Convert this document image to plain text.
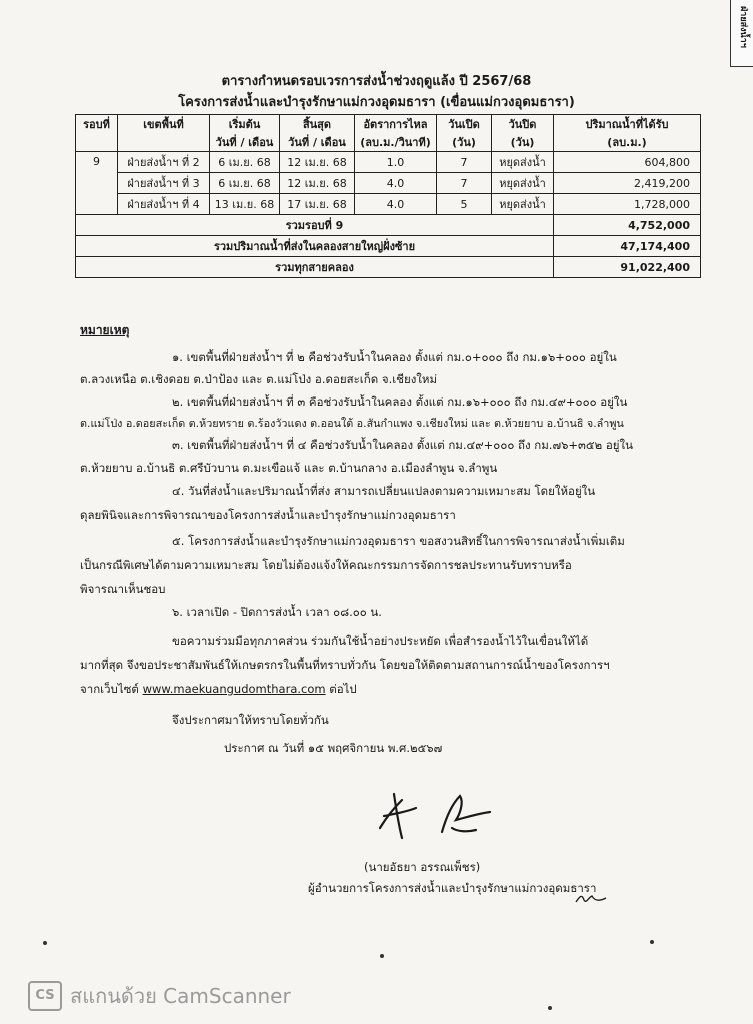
ฝ่ายส่งน้ำฯ
ตารางกำหนดรอบเวรการส่งน้ำช่วงฤดูแล้ง ปี 2567/68
โครงการส่งน้ำและบำรุงรักษาแม่กวงอุดมธารา (เขื่อนแม่กวงอุดมธารา)
รอบที่	เขตพื้นที่	เริ่มต้น	สิ้นสุด	อัตราการไหล	วันเปิด	วันปิด	ปริมาณน้ำที่ได้รับ
		วันที่ / เดือน	วันที่ / เดือน	(ลบ.ม./วินาที)	(วัน)	(วัน)	(ลบ.ม.)
9	ฝ่ายส่งน้ำฯ ที่ 2	6 เม.ย. 68	12 เม.ย. 68	1.0	7	หยุดส่งน้ำ	604,800
	ฝ่ายส่งน้ำฯ ที่ 3	6 เม.ย. 68	12 เม.ย. 68	4.0	7	หยุดส่งน้ำ	2,419,200
	ฝ่ายส่งน้ำฯ ที่ 4	13 เม.ย. 68	17 เม.ย. 68	4.0	5	หยุดส่งน้ำ	1,728,000
รวมรอบที่ 9							4,752,000
รวมปริมาณน้ำที่ส่งในคลองสายใหญ่ฝั่งซ้าย							47,174,400
รวมทุกสายคลอง							91,022,400
หมายเหตุ
๑. เขตพื้นที่ฝ่ายส่งน้ำฯ ที่ ๒ คือช่วงรับน้ำในคลอง ตั้งแต่ กม.๐+๐๐๐ ถึง กม.๑๖+๐๐๐ อยู่ใน
ต.ลวงเหนือ ต.เชิงดอย ต.ป่าป้อง และ ต.แม่โป่ง อ.ดอยสะเก็ด จ.เชียงใหม่
๒. เขตพื้นที่ฝ่ายส่งน้ำฯ ที่ ๓ คือช่วงรับน้ำในคลอง ตั้งแต่ กม.๑๖+๐๐๐ ถึง กม.๔๙+๐๐๐ อยู่ใน
ต.แม่โป่ง อ.ดอยสะเก็ด ต.ห้วยทราย ต.ร้องวัวแดง ต.ออนใต้ อ.สันกำแพง จ.เชียงใหม่ และ ต.ห้วยยาบ อ.บ้านธิ จ.ลำพูน
๓. เขตพื้นที่ฝ่ายส่งน้ำฯ ที่ ๔ คือช่วงรับน้ำในคลอง ตั้งแต่ กม.๔๙+๐๐๐ ถึง กม.๗๖+๓๕๒ อยู่ใน
ต.ห้วยยาบ อ.บ้านธิ ต.ศรีบัวบาน ต.มะเขือแจ้ และ ต.บ้านกลาง อ.เมืองลำพูน จ.ลำพูน
๔. วันที่ส่งน้ำและปริมาณน้ำที่ส่ง สามารถเปลี่ยนแปลงตามความเหมาะสม โดยให้อยู่ใน
ดุลยพินิจและการพิจารณาของโครงการส่งน้ำและบำรุงรักษาแม่กวงอุดมธารา
๕. โครงการส่งน้ำและบำรุงรักษาแม่กวงอุดมธารา ขอสงวนสิทธิ์ในการพิจารณาส่งน้ำเพิ่มเติม
เป็นกรณีพิเศษได้ตามความเหมาะสม โดยไม่ต้องแจ้งให้คณะกรรมการจัดการชลประทานรับทราบหรือ
พิจารณาเห็นชอบ
๖. เวลาเปิด - ปิดการส่งน้ำ เวลา ๐๘.๐๐ น.
ขอความร่วมมือทุกภาคส่วน ร่วมกันใช้น้ำอย่างประหยัด เพื่อสำรองน้ำไว้ในเขื่อนให้ได้
มากที่สุด จึงขอประชาสัมพันธ์ให้เกษตรกรในพื้นที่ทราบทั่วกัน โดยขอให้ติดตามสถานการณ์น้ำของโครงการฯ
จากเว็บไซต์ www.maekuangudomthara.com ต่อไป
จึงประกาศมาให้ทราบโดยทั่วกัน
ประกาศ ณ วันที่ ๑๕ พฤศจิกายน พ.ศ.๒๕๖๗
(นายอัธยา อรรณเพ็ชร)
ผู้อำนวยการโครงการส่งน้ำและบำรุงรักษาแม่กวงอุดมธารา
CS สแกนด้วย CamScanner
